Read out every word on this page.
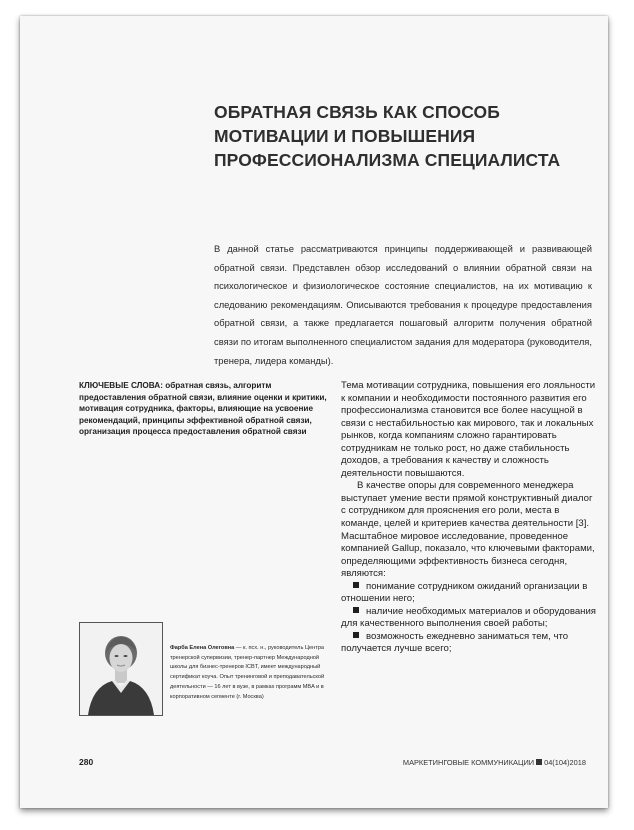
ОБРАТНАЯ СВЯЗЬ КАК СПОСОБ МОТИВАЦИИ И ПОВЫШЕНИЯ ПРОФЕССИОНАЛИЗМА СПЕЦИАЛИСТА

В данной статье рассматриваются принципы поддерживающей и развивающей обратной связи. Представлен обзор исследований о влиянии обратной связи на психологическое и физиологическое состояние специалистов, на их мотивацию к следованию рекомендациям. Описываются требования к процедуре предоставления обратной связи, а также предлагается пошаговый алгоритм получения обратной связи по итогам выполненного специалистом задания для модератора (руководителя, тренера, лидера команды).

КЛЮЧЕВЫЕ СЛОВА: обратная связь, алгоритм предоставления обратной связи, влияние оценки и критики, мотивация сотрудника, факторы, влияющие на усвоение рекомендаций, принципы эффективной обратной связи, организация процесса предоставления обратной связи

Тема мотивации сотрудника, повышения его лояльности к компании и необходимости постоянного развития его профессионализма становится все более насущной в связи с нестабильностью как мирового, так и локальных рынков, когда компаниям сложно гарантировать сотрудникам не только рост, но даже стабильность доходов, а требования к качеству и сложность деятельности повышаются.

В качестве опоры для современного менеджера выступает умение вести прямой конструктивный диалог с сотрудником для прояснения его роли, места в команде, целей и критериев качества деятельности [3]. Масштабное мировое исследование, проведенное компанией Gallup, показало, что ключевыми факторами, определяющими эффективность бизнеса сегодня, являются:

понимание сотрудником ожиданий организации в отношении него;

наличие необходимых материалов и оборудования для качественного выполнения своей работы;

возможность ежедневно заниматься тем, что получается лучше всего;

Фарба Елена Олеговна — к. пcx. н., руководитель Центра тренерской супервизии, тренер-партнер Международной школы для бизнес-тренеров ICBT, имеет международный сертификат коуча. Опыт тренинговой и преподавательской деятельности — 16 лет в вузе, в рамках программ MBA и в корпоративном сегменте (г. Москва)

280	МАРКЕТИНГОВЫЕ КОММУНИКАЦИИ 04(104)2018
